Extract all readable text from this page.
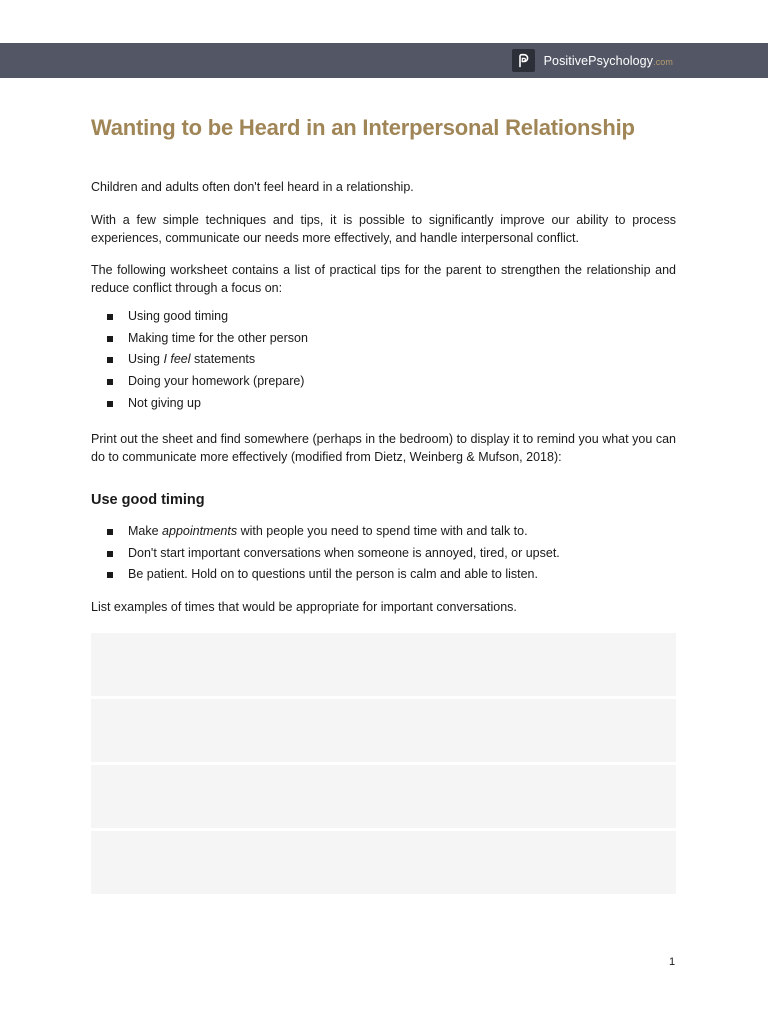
PositivePsychology.com
Wanting to be Heard in an Interpersonal Relationship

Children and adults often don't feel heard in a relationship.

With a few simple techniques and tips, it is possible to significantly improve our ability to process experiences, communicate our needs more effectively, and handle interpersonal conflict.

The following worksheet contains a list of practical tips for the parent to strengthen the relationship and reduce conflict through a focus on:

Using good timing
Making time for the other person
Using I feel statements
Doing your homework (prepare)
Not giving up

Print out the sheet and find somewhere (perhaps in the bedroom) to display it to remind you what you can do to communicate more effectively (modified from Dietz, Weinberg & Mufson, 2018):

Use good timing
Make appointments with people you need to spend time with and talk to.
Don't start important conversations when someone is annoyed, tired, or upset.
Be patient. Hold on to questions until the person is calm and able to listen.

List examples of times that would be appropriate for important conversations.

1
